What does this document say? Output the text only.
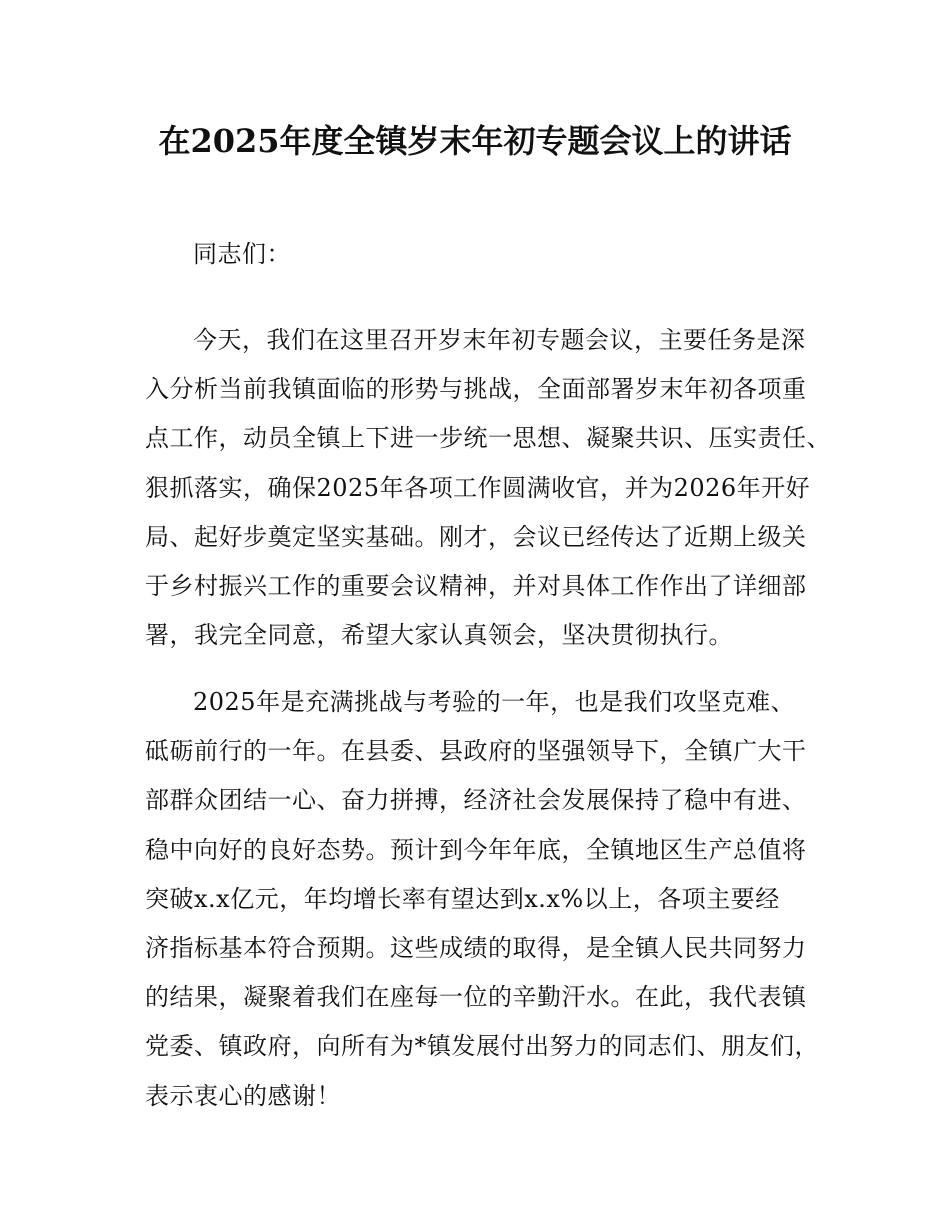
在2025年度全镇岁末年初专题会议上的讲话
同志们：
今天，我们在这里召开岁末年初专题会议，主要任务是深
入分析当前我镇面临的形势与挑战，全面部署岁末年初各项重
点工作，动员全镇上下进一步统一思想、凝聚共识、压实责任、
狠抓落实，确保2025年各项工作圆满收官，并为2026年开好
局、起好步奠定坚实基础。刚才，会议已经传达了近期上级关
于乡村振兴工作的重要会议精神，并对具体工作作出了详细部
署，我完全同意，希望大家认真领会，坚决贯彻执行。
2025年是充满挑战与考验的一年，也是我们攻坚克难、
砥砺前行的一年。在县委、县政府的坚强领导下，全镇广大干
部群众团结一心、奋力拼搏，经济社会发展保持了稳中有进、
稳中向好的良好态势。预计到今年年底，全镇地区生产总值将
突破x.x亿元，年均增长率有望达到x.x%以上，各项主要经
济指标基本符合预期。这些成绩的取得，是全镇人民共同努力
的结果，凝聚着我们在座每一位的辛勤汗水。在此，我代表镇
党委、镇政府，向所有为*镇发展付出努力的同志们、朋友们，
表示衷心的感谢！
